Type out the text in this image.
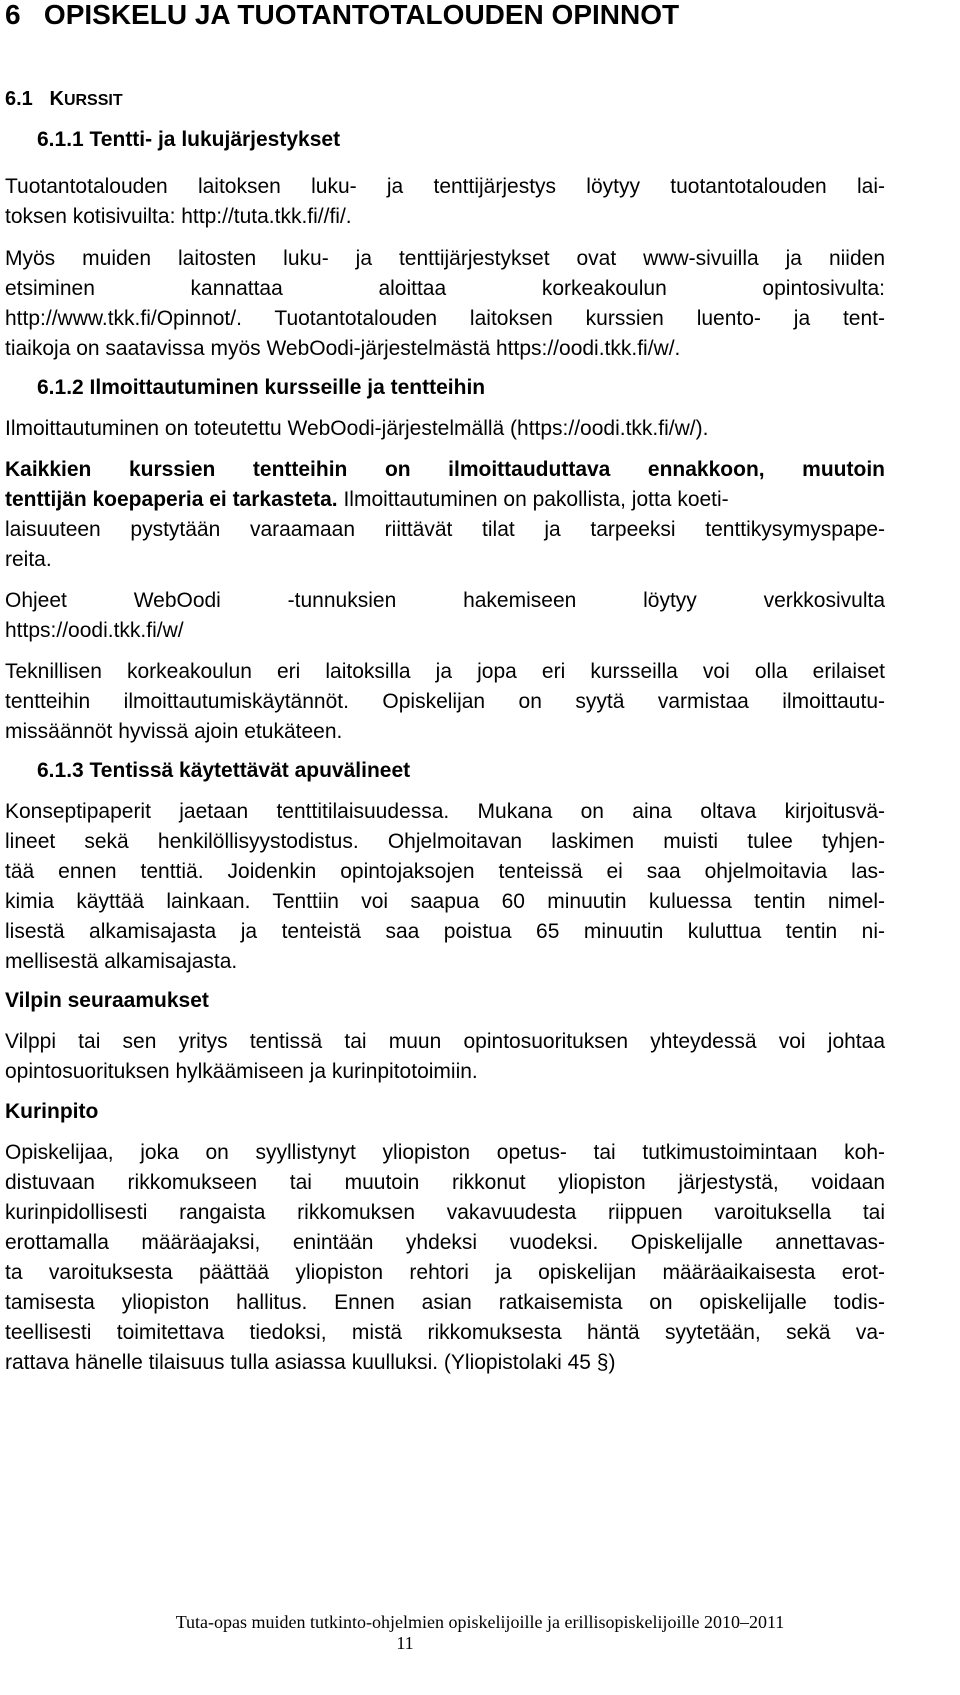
6 OPISKELU JA TUOTANTOTALOUDEN OPINNOT
6.1 KURSSIT
6.1.1 Tentti- ja lukujärjestykset
Tuotantotalouden laitoksen luku- ja tenttijärjestys löytyy tuotantotalouden lai-
toksen kotisivuilta: http://tuta.tkk.fi//fi/.
Myös muiden laitosten luku- ja tenttijärjestykset ovat www-sivuilla ja niiden
etsiminen kannattaa aloittaa korkeakoulun opintosivulta:
http://www.tkk.fi/Opinnot/. Tuotantotalouden laitoksen kurssien luento- ja tent-
tiaikoja on saatavissa myös WebOodi-järjestelmästä https://oodi.tkk.fi/w/.
6.1.2 Ilmoittautuminen kursseille ja tentteihin
Ilmoittautuminen on toteutettu WebOodi-järjestelmällä (https://oodi.tkk.fi/w/).
Kaikkien kurssien tentteihin on ilmoittauduttava ennakkoon, muutoin
tenttijän koepaperia ei tarkasteta. Ilmoittautuminen on pakollista, jotta koeti-
laisuuteen pystytään varaamaan riittävät tilat ja tarpeeksi tenttikysymyspape-
reita.
Ohjeet WebOodi -tunnuksien hakemiseen löytyy verkkosivulta
https://oodi.tkk.fi/w/
Teknillisen korkeakoulun eri laitoksilla ja jopa eri kursseilla voi olla erilaiset
tentteihin ilmoittautumiskäytännöt. Opiskelijan on syytä varmistaa ilmoittautu-
missäännöt hyvissä ajoin etukäteen.
6.1.3 Tentissä käytettävät apuvälineet
Konseptipaperit jaetaan tenttitilaisuudessa. Mukana on aina oltava kirjoitusvä-
lineet sekä henkilöllisyystodistus. Ohjelmoitavan laskimen muisti tulee tyhjen-
tää ennen tenttiä. Joidenkin opintojaksojen tenteissä ei saa ohjelmoitavia las-
kimia käyttää lainkaan. Tenttiin voi saapua 60 minuutin kuluessa tentin nimel-
lisestä alkamisajasta ja tenteistä saa poistua 65 minuutin kuluttua tentin ni-
mellisestä alkamisajasta.
Vilpin seuraamukset
Vilppi tai sen yritys tentissä tai muun opintosuorituksen yhteydessä voi johtaa
opintosuorituksen hylkäämiseen ja kurinpitotoimiin.
Kurinpito
Opiskelijaa, joka on syyllistynyt yliopiston opetus- tai tutkimustoimintaan koh-
distuvaan rikkomukseen tai muutoin rikkonut yliopiston järjestystä, voidaan
kurinpidollisesti rangaista rikkomuksen vakavuudesta riippuen varoituksella tai
erottamalla määräajaksi, enintään yhdeksi vuodeksi. Opiskelijalle annettavas-
ta varoituksesta päättää yliopiston rehtori ja opiskelijan määräaikaisesta erot-
tamisesta yliopiston hallitus. Ennen asian ratkaisemista on opiskelijalle todis-
teellisesti toimitettava tiedoksi, mistä rikkomuksesta häntä syytetään, sekä va-
rattava hänelle tilaisuus tulla asiassa kuulluksi. (Yliopistolaki 45 §)
Tuta-opas muiden tutkinto-ohjelmien opiskelijoille ja erillisopiskelijoille 2010–2011
11
